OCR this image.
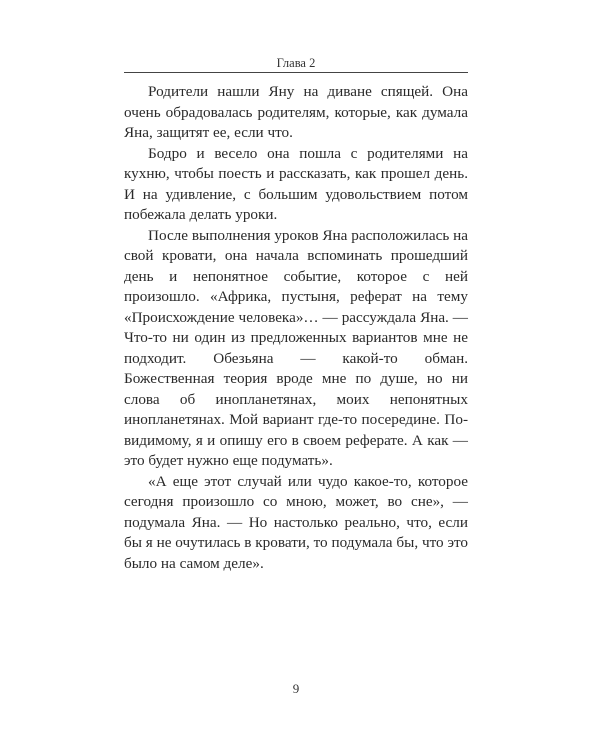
Глава 2

Родители нашли Яну на диване спящей. Она очень обрадовалась родителям, которые, как думала Яна, защитят ее, если что.

Бодро и весело она пошла с родителями на кухню, чтобы поесть и рассказать, как прошел день. И на удивление, с большим удовольствием потом побежала делать уроки.

После выполнения уроков Яна расположилась на свой кровати, она начала вспоминать прошедший день и непонятное событие, которое с ней произошло. «Африка, пустыня, реферат на тему «Происхождение человека»… — рассуждала Яна. — Что-то ни один из предложенных вариантов мне не подходит. Обезьяна — какой-то обман. Божественная теория вроде мне по душе, но ни слова об инопланетянах, моих непонятных инопланетянах. Мой вариант где-то посередине. По-видимому, я и опишу его в своем реферате. А как — это будет нужно еще подумать».

«А еще этот случай или чудо какое-то, которое сегодня произошло со мною, может, во сне», — подумала Яна. — Но настолько реально, что, если бы я не очутилась в кровати, то подумала бы, что это было на самом деле».

9
